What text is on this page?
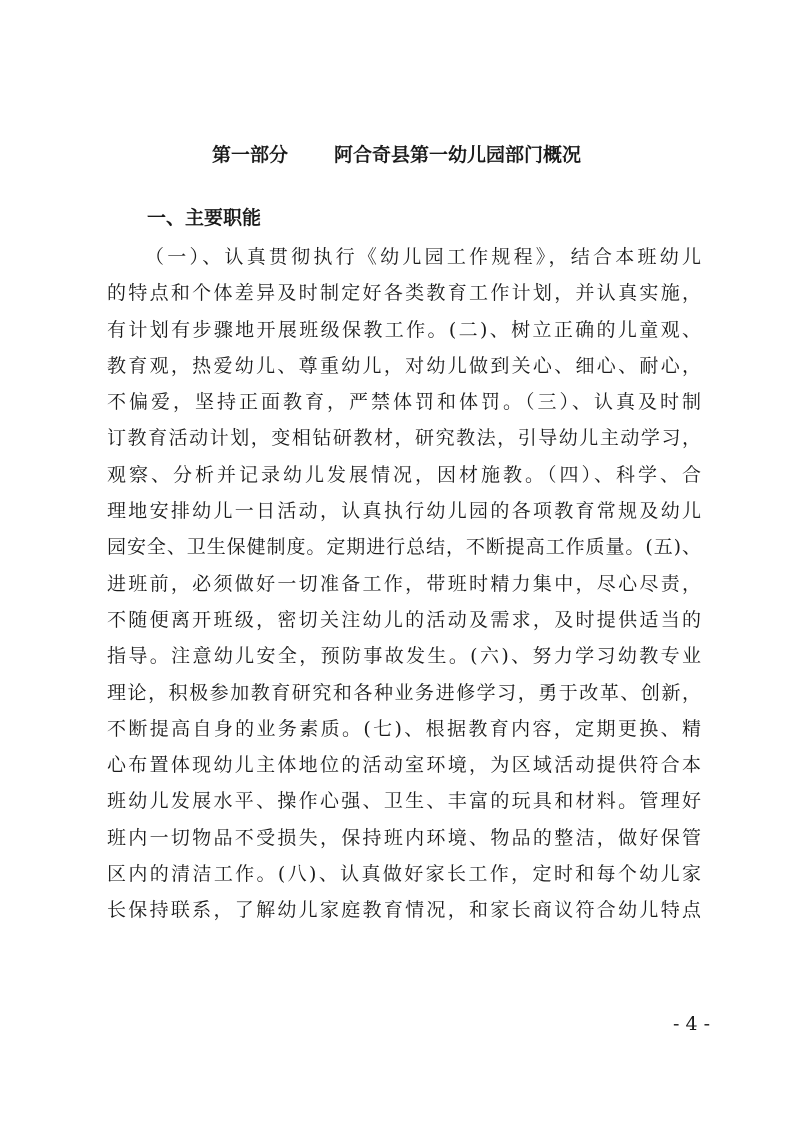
第一部分 阿合奇县第一幼儿园部门概况
一、主要职能
（一）、认真贯彻执行《幼儿园工作规程》，结合本班幼儿
的特点和个体差异及时制定好各类教育工作计划，并认真实施，
有计划有步骤地开展班级保教工作。(二)、树立正确的儿童观、
教育观，热爱幼儿、尊重幼儿，对幼儿做到关心、细心、耐心，
不偏爱，坚持正面教育，严禁体罚和体罚。（三）、认真及时制
订教育活动计划，变相钻研教材，研究教法，引导幼儿主动学习，
观察、分析并记录幼儿发展情况，因材施教。（四）、科学、合
理地安排幼儿一日活动，认真执行幼儿园的各项教育常规及幼儿
园安全、卫生保健制度。定期进行总结，不断提高工作质量。(五)、
进班前，必须做好一切准备工作，带班时精力集中，尽心尽责，
不随便离开班级，密切关注幼儿的活动及需求，及时提供适当的
指导。注意幼儿安全，预防事故发生。(六)、努力学习幼教专业
理论，积极参加教育研究和各种业务进修学习，勇于改革、创新，
不断提高自身的业务素质。(七)、根据教育内容，定期更换、精
心布置体现幼儿主体地位的活动室环境，为区域活动提供符合本
班幼儿发展水平、操作心强、卫生、丰富的玩具和材料。管理好
班内一切物品不受损失，保持班内环境、物品的整洁，做好保管
区内的清洁工作。(八)、认真做好家长工作，定时和每个幼儿家
长保持联系，了解幼儿家庭教育情况，和家长商议符合幼儿特点
- 4 -
